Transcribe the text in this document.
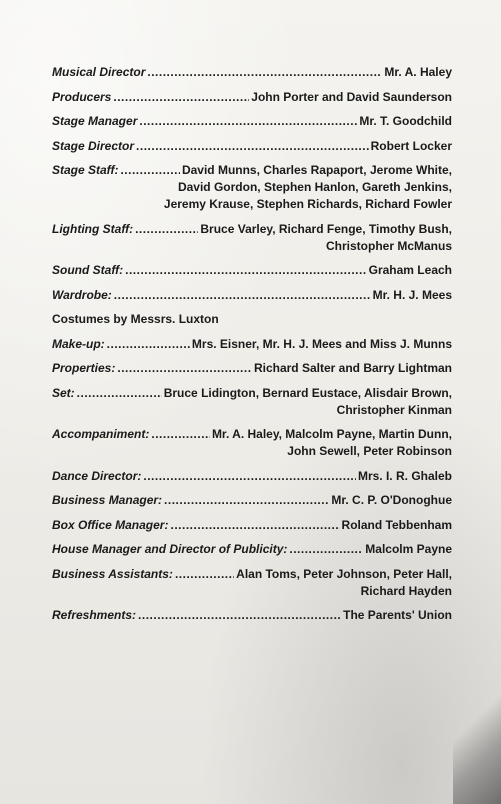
Musical Director .....	Mr. A. Haley
Producers .....	John Porter and David Saunderson
Stage Manager .....	Mr. T. Goodchild
Stage Director .....	Robert Locker
Stage Staff: .....	David Munns, Charles Rapaport, Jerome White,
David Gordon, Stephen Hanlon, Gareth Jenkins,
Jeremy Krause, Stephen Richards, Richard Fowler
Lighting Staff: .....	Bruce Varley, Richard Fenge, Timothy Bush,
Christopher McManus
Sound Staff: .....	Graham Leach
Wardrobe: .....	Mr. H. J. Mees
Costumes by Messrs. Luxton
Make-up: .....	Mrs. Eisner, Mr. H. J. Mees and Miss J. Munns
Properties: .....	Richard Salter and Barry Lightman
Set: .....	Bruce Lidington, Bernard Eustace, Alisdair Brown,
Christopher Kinman
Accompaniment: .....	Mr. A. Haley, Malcolm Payne, Martin Dunn,
John Sewell, Peter Robinson
Dance Director: .....	Mrs. I. R. Ghaleb
Business Manager: .....	Mr. C. P. O'Donoghue
Box Office Manager: .....	Roland Tebbenham
House Manager and Director of Publicity: .....	Malcolm Payne
Business Assistants: .....	Alan Toms, Peter Johnson, Peter Hall,
Richard Hayden
Refreshments: .....	The Parents' Union
